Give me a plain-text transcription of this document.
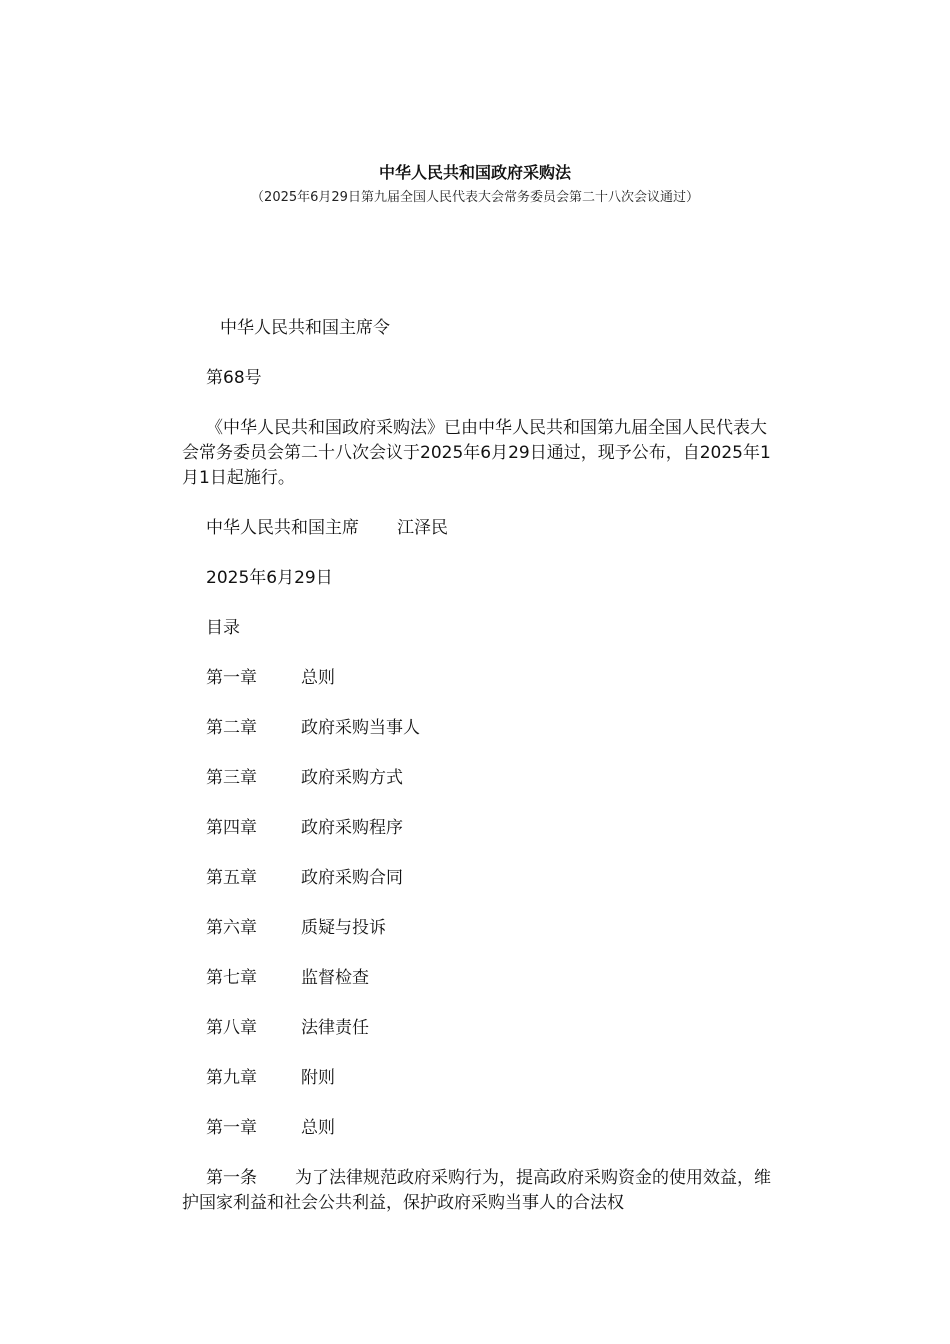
中华人民共和国政府采购法

（2025年6月29日第九届全国人民代表大会常务委员会第二十八次会议通过）

中华人民共和国主席令

第68号

《中华人民共和国政府采购法》已由中华人民共和国第九届全国人民代表大会常务委员会第二十八次会议于2025年6月29日通过，现予公布，自2025年1月1日起施行。

中华人民共和国主席 江泽民

2025年6月29日

目录

第一章	总则

第二章	政府采购当事人

第三章	政府采购方式

第四章	政府采购程序

第五章	政府采购合同

第六章	质疑与投诉

第七章	监督检查

第八章	法律责任

第九章	附则

第一章	总则

第一条 为了法律规范政府采购行为，提高政府采购资金的使用效益，维护国家利益和社会公共利益，保护政府采购当事人的合法权
